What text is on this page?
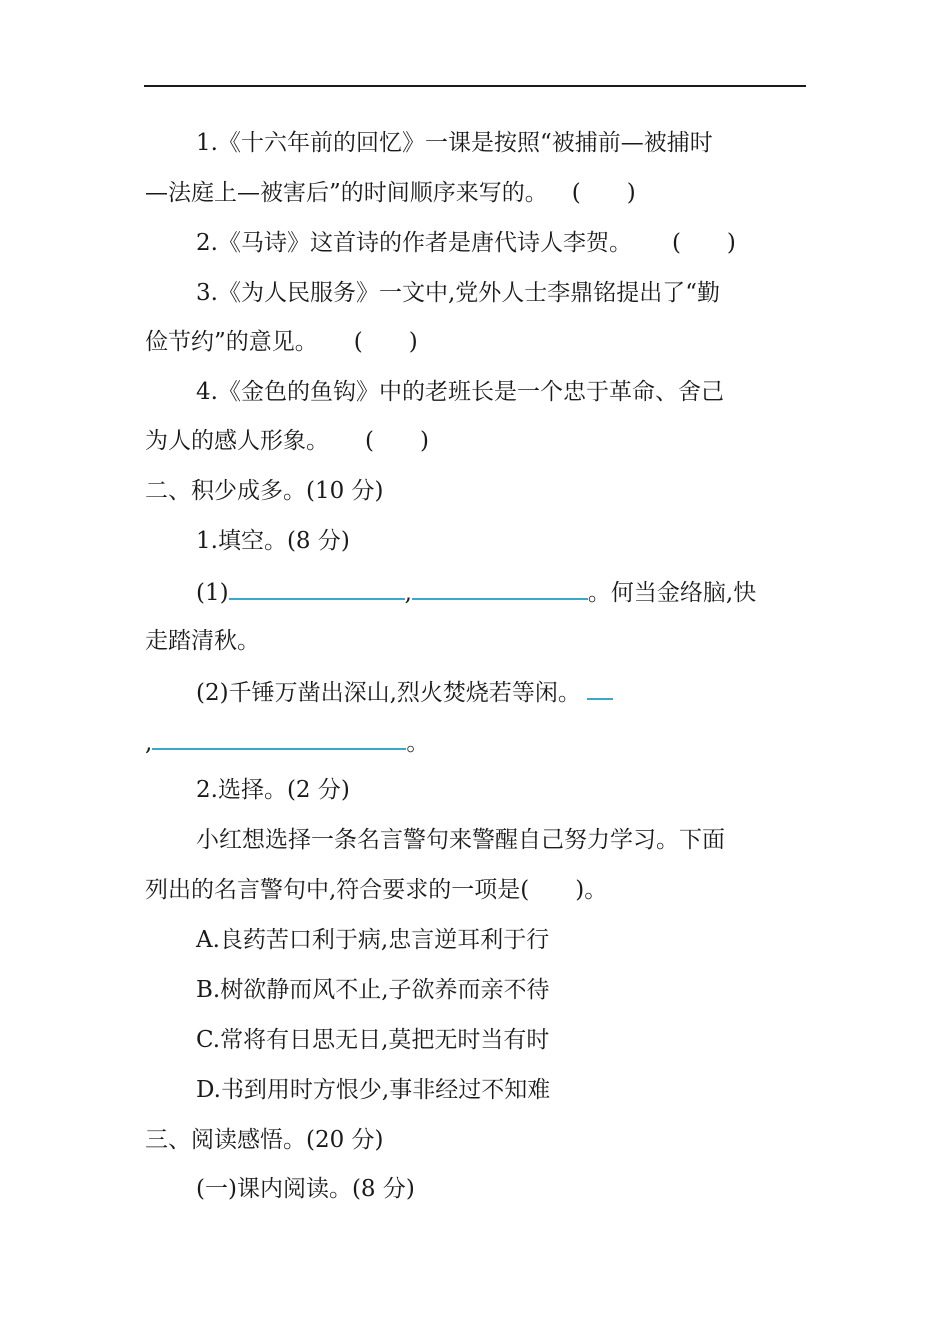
1.《十六年前的回忆》一课是按照“被捕前—被捕时
—法庭上—被害后”的时间顺序来写的。 (　　)
2.《马诗》这首诗的作者是唐代诗人李贺。 (　　)
3.《为人民服务》一文中,党外人士李鼎铭提出了“勤
俭节约”的意见。 (　　)
4.《金色的鱼钩》中的老班长是一个忠于革命、舍己
为人的感人形象。 (　　)
二、积少成多。(10 分)
1.填空。(8 分)
(1)	,	。何当金络脑,快
走踏清秋。
(2)千锤万凿出深山,烈火焚烧若等闲。
,	。
2.选择。(2 分)
小红想选择一条名言警句来警醒自己努力学习。下面
列出的名言警句中,符合要求的一项是(　　)。
A.良药苦口利于病,忠言逆耳利于行
B.树欲静而风不止,子欲养而亲不待
C.常将有日思无日,莫把无时当有时
D.书到用时方恨少,事非经过不知难
三、阅读感悟。(20 分)
(一)课内阅读。(8 分)
